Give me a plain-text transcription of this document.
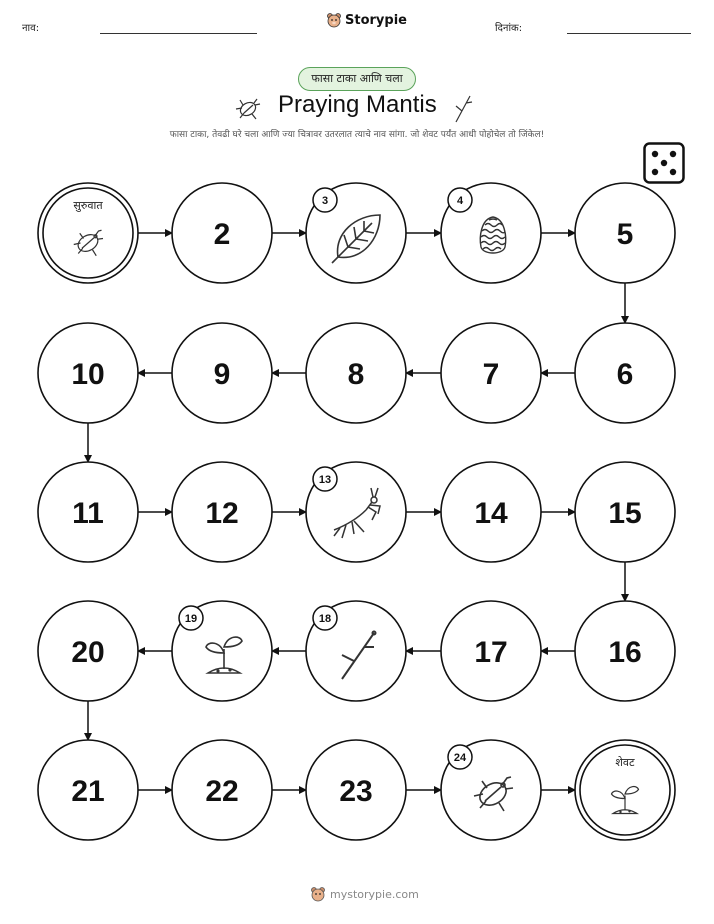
नाव:
Storypie
दिनांक:
फासा टाका आणि चला
Praying Mantis
फासा टाका, तेवढी घरे चला आणि ज्या चित्रावर उतरलात त्याचे नाव सांगा. जो शेवट पर्यंत आधी पोहोचेल तो जिंकेल!
सुरुवात
2
3	4
5
6
7
8
9
10
11	12
13
14	15
16
17
18
19
20
21	22	23
24	शेवट
mystorypie.com
